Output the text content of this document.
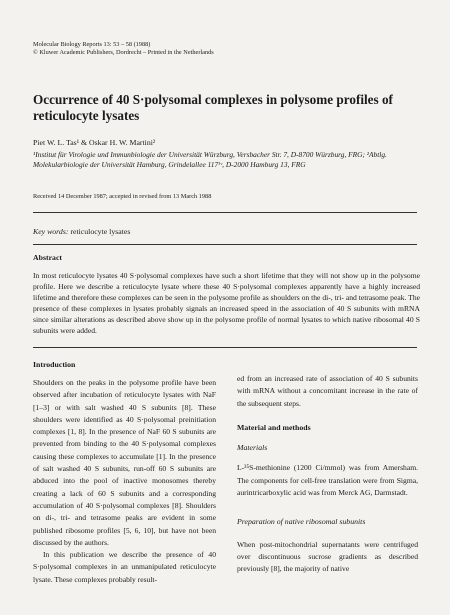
Molecular Biology Reports 13: 53 – 58 (1988)
© Kluwer Academic Publishers, Dordrecht – Printed in the Netherlands
Occurrence of 40 S·polysomal complexes in polysome profiles of reticulocyte lysates
Piet W. L. Tas¹ & Oskar H. W. Martini²
¹Institut für Virologie und Immunbiologie der Universität Würzburg, Versbacher Str. 7, D-8700 Würzburg, FRG; ²Abtlg. Molekularbiologie der Universität Hamburg, Grindelallee 117ᴵᵛ, D-2000 Hamburg 13, FRG
Received 14 December 1987; accepted in revised from 13 March 1988
Key words: reticulocyte lysates
Abstract
In most reticulocyte lysates 40 S·polysomal complexes have such a short lifetime that they will not show up in the polysome profile. Here we describe a reticulocyte lysate where these 40 S·polysomal complexes apparently have a highly increased lifetime and therefore these complexes can be seen in the polysome profile as shoulders on the di-, tri- and tetrasome peak. The presence of these complexes in lysates probably signals an increased speed in the association of 40 S subunits with mRNA since similar alterations as described above show up in the polysome profile of normal lysates to which native ribosomal 40 S subunits were added.
Introduction

Shoulders on the peaks in the polysome profile have been observed after incubation of reticulocyte lysates with NaF [1–3] or with salt washed 40 S subunits [8]. These shoulders were identified as 40 S·polysomal preinitiation complexes [1, 8]. In the presence of NaF 60 S subunits are prevented from binding to the 40 S·polysomal complexes causing these complexes to accumulate [1]. In the presence of salt washed 40 S subunits, run-off 60 S subunits are abduced into the pool of inactive monosomes thereby creating a lack of 60 S subunits and a corresponding accumulation of 40 S·polysomal complexes [8]. Shoulders on di-, tri- and tetrasome peaks are evident in some published ribosome profiles [5, 6, 10], but have not been discussed by the authors.

In this publication we describe the presence of 40 S·polysomal complexes in an unmanipulated reticulocyte lysate. These complexes probably result-

ed from an increased rate of association of 40 S subunits with mRNA without a concomitant increase in the rate of the subsequent steps.

Material and methods

Materials

L-³⁵S-methionine (1200 Ci/mmol) was from Amersham. The components for cell-free translation were from Sigma, aurintricarboxylic acid was from Merck AG, Darmstadt.

Preparation of native ribosomal subunits

When post-mitochondrial supernatants were centrifuged over discontinuous sucrose gradients as described previously [8], the majority of native
